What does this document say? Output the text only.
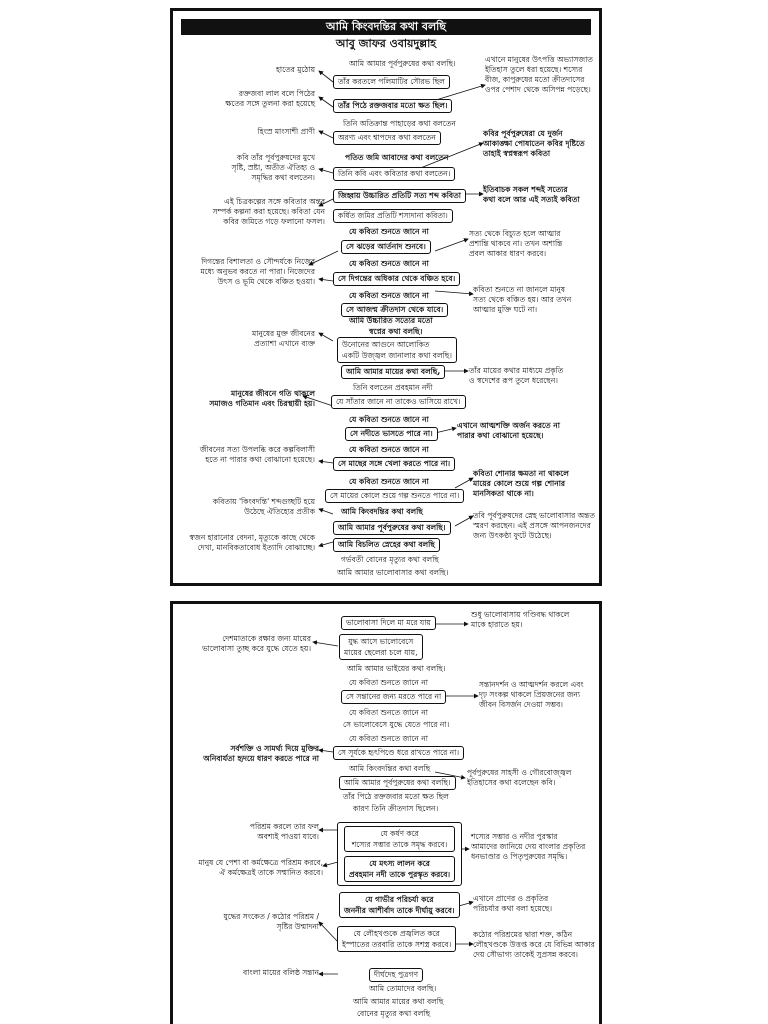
আমি কিংবদন্তির কথা বলছি
আবু জাফর ওবায়দুল্লাহ
আমি আমার পূর্বপুরুষের কথা বলছি।
তাঁর করতলে পলিমাটির সৌরভ ছিল
তাঁর পিঠে রক্তজবার মতো ক্ষত ছিল।
তিনি অতিক্রান্ত পাহাড়ের কথা বলতেন
অরণ্য এবং শ্বাপদের কথা বলতেন
পতিত জমি আবাদের কথা বলতেন
তিনি কবি এবং কবিতার কথা বলতেন।
জিহ্বায় উচ্চারিত প্রতিটি সত্য শব্দ কবিতা
কর্ষিত জমির প্রতিটি শস্যদানা কবিতা।
যে কবিতা শুনতে জানে না
সে ঝড়ের আর্তনাদ শুনবে।
যে কবিতা শুনতে জানে না
সে দিগন্তের অধিকার থেকে বঞ্চিত হবে।
যে কবিতা শুনতে জানে না
সে আজন্ম ক্রীতদাস থেকে যাবে।
আমি উচ্চারিত সত্যের মতো
স্বপ্নের কথা বলছি।
উনোনের আগুনে আলোকিত
একটি উজ্জ্বল জানালার কথা বলছি।
আমি আমার মায়ের কথা বলছি,
তিনি বলতেন প্রবহমান নদী
যে সাঁতার জানে না তাকেও ভাসিয়ে রাখে।
যে কবিতা শুনতে জানে না
সে নদীতে ভাসতে পারে না।
যে কবিতা শুনতে জানে না
সে মাছের সঙ্গে খেলা করতে পারে না।
যে কবিতা শুনতে জানে না
সে মায়ের কোলে শুয়ে গল্প শুনতে পারে না।
আমি কিংবদন্তির কথা বলছি
আমি আমার পূর্বপুরুষের কথা বলছি।
আমি বিচলিত স্নেহের কথা বলছি
গর্ভবতী বোনের মৃত্যুর কথা বলছি
আমি আমার ভালোবাসার কথা বলছি।
হাতের মুঠোয়
রক্তজবা লাল বলে পিঠের
ক্ষতের সঙ্গে তুলনা করা হয়েছে
হিংস্র মাংসাশী প্রাণী
কবি তাঁর পূর্বপুরুষদের মুখে
সৃষ্টি, স্রষ্টা, অতীত ঐতিহ্য ও
সমৃদ্ধির কথা বলতেন।
এই চিত্রকল্পের সঙ্গে কবিতার অন্তর
সম্পর্ক কল্পনা করা হয়েছে। কবিতা যেন
কবির জমিতে গড়ে ফলানো ফসল।
দিগন্তের বিশালতা ও সৌন্দর্যকে নিজের
মধ্যে অনুভব করতে না পারা। নিজেদের
উৎস ও ভূমি থেকে বঞ্চিত হওয়া।
মানুষের মুক্ত জীবনের
প্রত্যাশা এখানে ব্যক্ত
মানুষের জীবনে গতি থাকলে
সমাজও গতিমান এবং চিরস্থায়ী হয়।
জীবনের সত্য উপলব্ধি করে কল্পবিলাসী
হতে না পারার কথা বোঝানো হয়েছে।
কবিতায় 'কিংবদন্তি' শব্দগুচ্ছটি হয়ে
উঠেছে ঐতিহ্যের প্রতীক
স্বজন হারানোর বেদনা, মৃত্যুকে কাছে থেকে
দেখা, মানবিকতাবোধ ইত্যাদি বোঝাচ্ছে।
এখানে মানুষের উৎপত্তি অভ্যাসজাত
ইতিহাস তুলে ধরা হয়েছে। শস্যের
বীজ, কাপুরুষের মতো ক্রীতদাসের
ওপর পেশাদ থেকে অসিপন্ন পড়েছে।
কবির পূর্বপুরুষেরা যে দুর্জন
আকাঙ্ক্ষা পোষাতেন কবির দৃষ্টিতে
তাহাই স্বপ্নস্বরূপ কবিতা
ইতিবাচক সকল শব্দই সত্যের
কথা বলে আর এই সত্যই কবিতা
সত্য থেকে বিচ্যুত হলে আত্মার
প্রশান্তি থাকবে না। তখন অশান্তি
প্রবল আকার ধারণ করবে।
কবিতা শুনতে না জানলে মানুষ
সত্য থেকে বঞ্চিত হয়। আর তখন
আত্মার মুক্তি ঘটে না।
তাঁর মায়ের কথার মাধ্যমে প্রকৃতি
ও স্বদেশের রূপ তুলে ধরেছেন।
এখানে আত্মশক্তি অর্জন করতে না
পারার কথা বোঝানো হয়েছে।
কবিতা শোনার ক্ষমতা না থাকলে
মায়ের কোলে শুয়ে গল্প শোনার
মানসিকতা থাকে না।
তবি পূর্বপুরুষদের স্নেহ ভালোবাসার অন্তত
স্মরণ করছেন। এই প্রসঙ্গে আপনজনদের
জন্য উৎকণ্ঠা ফুটে উঠেছে।
ভালোবাসা দিলে মা মরে যায়
যুদ্ধ আসে ভালোবেসে
মায়ের ছেলেরা চলে যায়,
আমি আমার ভাইয়ের কথা বলছি।
যে কবিতা শুনতে জানে না
সে সন্তানের জন্য মরতে পারে না
যে কবিতা শুনতে জানে না
সে ভালোবেসে যুদ্ধে যেতে পারে না।
যে কবিতা শুনতে জানে না
সে সূর্যকে হৃৎপিণ্ডে ধরে রাখতে পারে না।
আমি কিংবদন্তির কথা বলছি
আমি আমার পূর্বপুরুষের কথা বলছি।
তাঁর পিঠে রক্তজবার মতো ক্ষত ছিল
কারণ তিনি ক্রীতদাস ছিলেন।
যে কর্ষণ করে
শস্যের সম্ভার তাকে সমৃদ্ধ করবে।
যে মৎস্য লালন করে
প্রবহমান নদী তাকে পুরস্কৃত করবে।
যে গাভীর পরিচর্যা করে
জননীর আশীর্বাদ তাকে দীর্ঘায়ু করবে।
যে লৌহখণ্ডকে প্রজ্বলিত করে
ইস্পাতের তরবারি তাকে সশস্ত্র করবে।
দীর্ঘদেহ পুত্রগণ
আমি তোমাদের বলছি।
আমি আমার মায়ের কথা বলছি
বোনের মৃত্যুর কথা বলছি
দেশমাতাকে রক্ষার জন্য মায়ের
ভালোবাসা তুচ্ছ করে যুদ্ধে যেতে হয়।
সর্বশক্তি ও সামর্থ্য দিয়ে মুক্তির
অনিবার্যতা হৃদয়ে ধারণ করতে পারে না
পরিশ্রম করলে তার ফল
অবশ্যই পাওয়া যাবে।
মানুষ যে পেশা বা কর্মক্ষেত্রে পরিশ্রম করবে,
ঐ কর্মক্ষেত্রই তাকে সম্মানিত করবে।
যুদ্ধের সংকেত / কঠোর পরিশ্রম /
সৃষ্টির উন্মাদনা
বাংলা মায়ের বলিষ্ঠ সন্তান
শুধু ভালোবাসায় গণ্ডিবদ্ধ থাকলে
মাকে হারাতে হয়।
সন্তানদর্শন ও আত্মদর্শন করলে এবং
দৃঢ় সংকল্প থাকলে প্রিয়জনের জন্য
জীবন বিসর্জন দেওয়া সম্ভব।
পূর্বপুরুষের সাহসী ও গৌরবোজ্জ্বল
ইতিহাসের কথা বলেছেন কবি।
শস্যের সম্ভার ও নদীর পুরস্কার
আমাদের জানিয়ে দেয় বাংলার প্রকৃতির
ধনভাণ্ডার ও পিতৃপুরুষের সমৃদ্ধি।
এখানে প্রাণের ও প্রকৃতির
পরিচর্যার কথা বলা হয়েছে।
কঠোর পরিশ্রমের দ্বারা শক্ত, কঠিন
লৌহখণ্ডকে উত্তপ্ত করে যে বিভিন্ন আকার
দেয় সৌভাগ্য তাকেই সুপ্রসন্ন করবে।
